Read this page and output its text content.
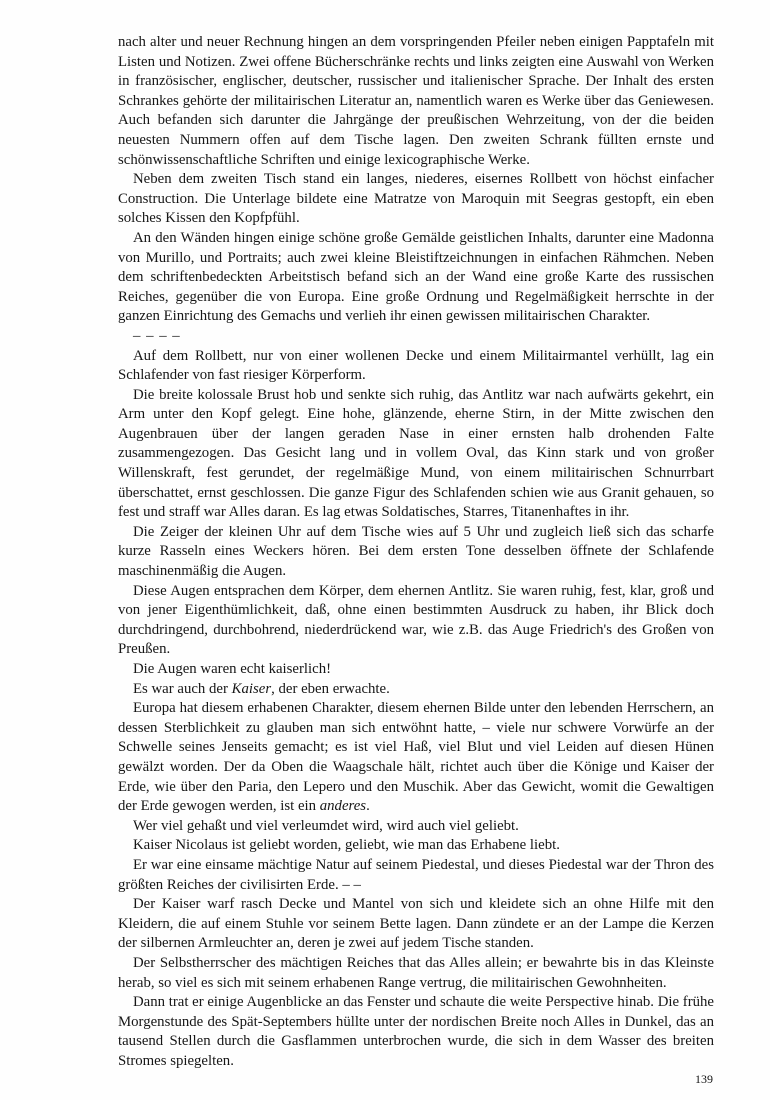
nach alter und neuer Rechnung hingen an dem vorspringenden Pfeiler neben einigen Papptafeln mit Listen und Notizen. Zwei offene Bücherschränke rechts und links zeigten eine Auswahl von Werken in französischer, englischer, deutscher, russischer und italienischer Sprache. Der Inhalt des ersten Schrankes gehörte der militairischen Literatur an, namentlich waren es Werke über das Geniewesen. Auch befanden sich darunter die Jahrgänge der preußischen Wehrzeitung, von der die beiden neuesten Nummern offen auf dem Tische lagen. Den zweiten Schrank füllten ernste und schönwissenschaftliche Schriften und einige lexicographische Werke.

Neben dem zweiten Tisch stand ein langes, niederes, eisernes Rollbett von höchst einfacher Construction. Die Unterlage bildete eine Matratze von Maroquin mit Seegras gestopft, ein eben solches Kissen den Kopfpfühl.

An den Wänden hingen einige schöne große Gemälde geistlichen Inhalts, darunter eine Madonna von Murillo, und Portraits; auch zwei kleine Bleistiftzeichnungen in einfachen Rähmchen. Neben dem schriftenbedeckten Arbeitstisch befand sich an der Wand eine große Karte des russischen Reiches, gegenüber die von Europa. Eine große Ordnung und Regelmäßigkeit herrschte in der ganzen Einrichtung des Gemachs und verlieh ihr einen gewissen militairischen Charakter.

– – – –

Auf dem Rollbett, nur von einer wollenen Decke und einem Militairmantel verhüllt, lag ein Schlafender von fast riesiger Körperform.

Die breite kolossale Brust hob und senkte sich ruhig, das Antlitz war nach aufwärts gekehrt, ein Arm unter den Kopf gelegt. Eine hohe, glänzende, eherne Stirn, in der Mitte zwischen den Augenbrauen über der langen geraden Nase in einer ernsten halb drohenden Falte zusammengezogen. Das Gesicht lang und in vollem Oval, das Kinn stark und von großer Willenskraft, fest gerundet, der regelmäßige Mund, von einem militairischen Schnurrbart überschattet, ernst geschlossen. Die ganze Figur des Schlafenden schien wie aus Granit gehauen, so fest und straff war Alles daran. Es lag etwas Soldatisches, Starres, Titanenhaftes in ihr.

Die Zeiger der kleinen Uhr auf dem Tische wies auf 5 Uhr und zugleich ließ sich das scharfe kurze Rasseln eines Weckers hören. Bei dem ersten Tone desselben öffnete der Schlafende maschinenmäßig die Augen.

Diese Augen entsprachen dem Körper, dem ehernen Antlitz. Sie waren ruhig, fest, klar, groß und von jener Eigenthümlichkeit, daß, ohne einen bestimmten Ausdruck zu haben, ihr Blick doch durchdringend, durchbohrend, niederdrückend war, wie z.B. das Auge Friedrich's des Großen von Preußen.

Die Augen waren echt kaiserlich!

Es war auch der Kaiser, der eben erwachte.

Europa hat diesem erhabenen Charakter, diesem ehernen Bilde unter den lebenden Herrschern, an dessen Sterblichkeit zu glauben man sich entwöhnt hatte, – viele nur schwere Vorwürfe an der Schwelle seines Jenseits gemacht; es ist viel Haß, viel Blut und viel Leiden auf diesen Hünen gewälzt worden. Der da Oben die Waagschale hält, richtet auch über die Könige und Kaiser der Erde, wie über den Paria, den Lepero und den Muschik. Aber das Gewicht, womit die Gewaltigen der Erde gewogen werden, ist ein anderes.

Wer viel gehaßt und viel verleumdet wird, wird auch viel geliebt.

Kaiser Nicolaus ist geliebt worden, geliebt, wie man das Erhabene liebt.

Er war eine einsame mächtige Natur auf seinem Piedestal, und dieses Piedestal war der Thron des größten Reiches der civilisirten Erde. – –

Der Kaiser warf rasch Decke und Mantel von sich und kleidete sich an ohne Hilfe mit den Kleidern, die auf einem Stuhle vor seinem Bette lagen. Dann zündete er an der Lampe die Kerzen der silbernen Armleuchter an, deren je zwei auf jedem Tische standen.

Der Selbstherrscher des mächtigen Reiches that das Alles allein; er bewahrte bis in das Kleinste herab, so viel es sich mit seinem erhabenen Range vertrug, die militairischen Gewohnheiten.

Dann trat er einige Augenblicke an das Fenster und schaute die weite Perspective hinab. Die frühe Morgenstunde des Spät-Septembers hüllte unter der nordischen Breite noch Alles in Dunkel, das an tausend Stellen durch die Gasflammen unterbrochen wurde, die sich in dem Wasser des breiten Stromes spiegelten.

139
